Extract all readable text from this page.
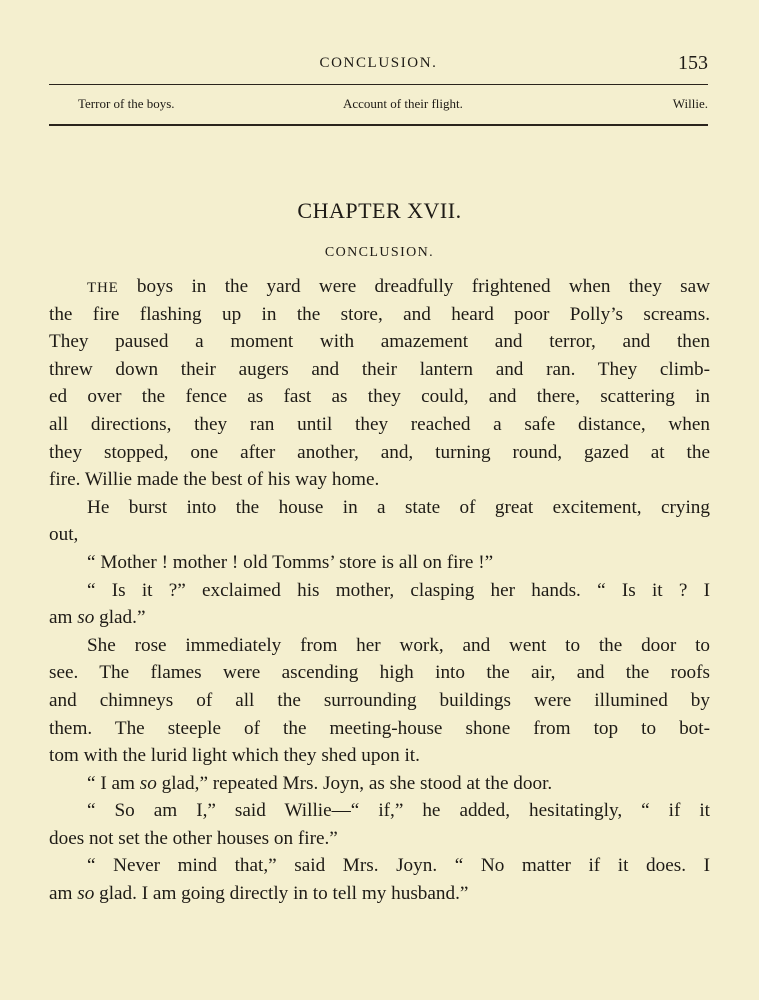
CONCLUSION.	153
Terror of the boys.	Account of their flight.	Willie.
CHAPTER XVII.
CONCLUSION.
THE boys in the yard were dreadfully frightened when they saw
the fire flashing up in the store, and heard poor Polly’s screams.
They paused a moment with amazement and terror, and then
threw down their augers and their lantern and ran. They climb-
ed over the fence as fast as they could, and there, scattering in
all directions, they ran until they reached a safe distance, when
they stopped, one after another, and, turning round, gazed at the
fire. Willie made the best of his way home.
He burst into the house in a state of great excitement, crying
out,
“ Mother ! mother ! old Tomms’ store is all on fire !”
“ Is it ?” exclaimed his mother, clasping her hands. “ Is it ? I
am so glad.”
She rose immediately from her work, and went to the door to
see. The flames were ascending high into the air, and the roofs
and chimneys of all the surrounding buildings were illumined by
them. The steeple of the meeting-house shone from top to bot-
tom with the lurid light which they shed upon it.
“ I am so glad,” repeated Mrs. Joyn, as she stood at the door.
“ So am I,” said Willie—“ if,” he added, hesitatingly, “ if it
does not set the other houses on fire.”
“ Never mind that,” said Mrs. Joyn. “ No matter if it does. I
am so glad. I am going directly in to tell my husband.”
